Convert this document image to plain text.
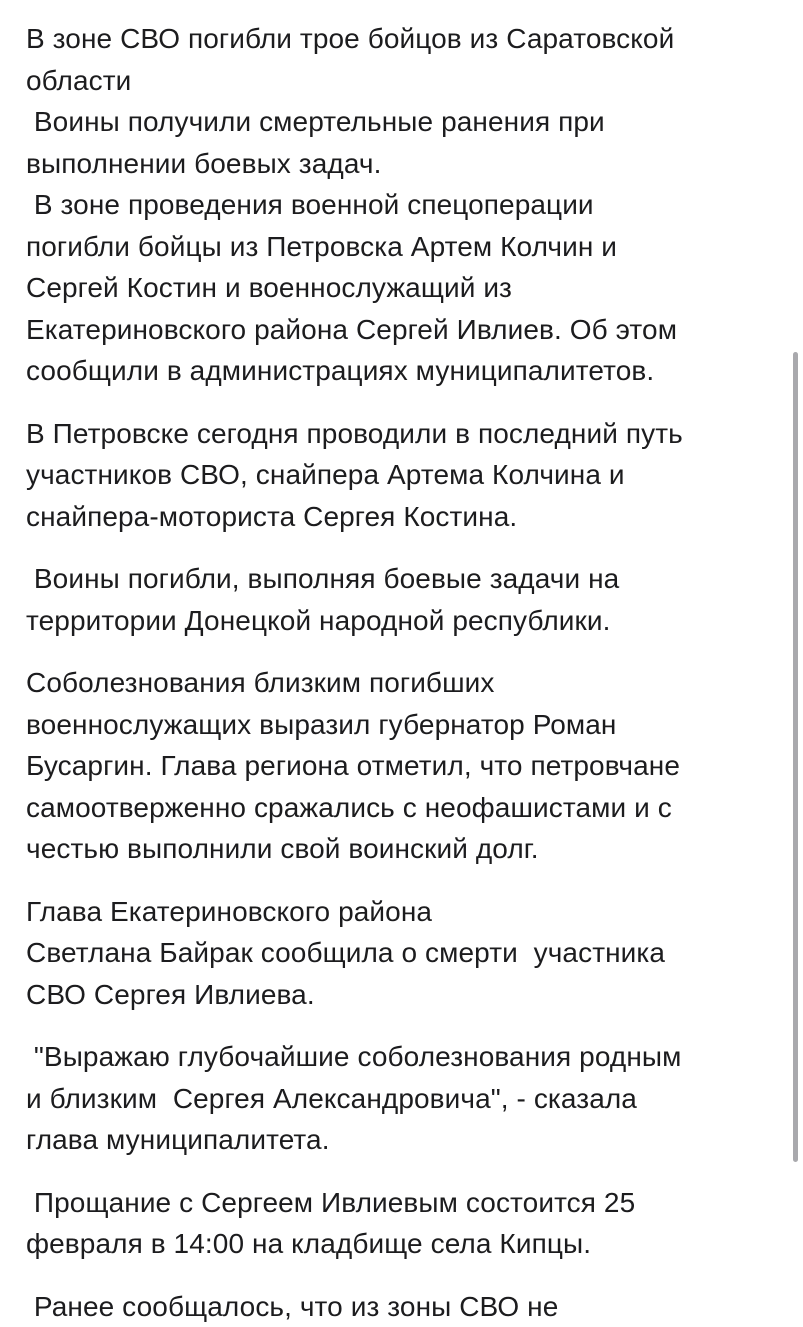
В зоне СВО погибли трое бойцов из Саратовской
области
Воины получили смертельные ранения при
выполнении боевых задач.
В зоне проведения военной спецоперации
погибли бойцы из Петровска Артем Колчин и
Сергей Костин и военнослужащий из
Екатериновского района Сергей Ивлиев. Об этом
сообщили в администрациях муниципалитетов.
В Петровске сегодня проводили в последний путь
участников СВО, снайпера Артема Колчина и
снайпера-моториста Сергея Костина.
Воины погибли, выполняя боевые задачи на
территории Донецкой народной республики.
Соболезнования близким погибших
военнослужащих выразил губернатор Роман
Бусаргин. Глава региона отметил, что петровчане
самоотверженно сражались с неофашистами и с
честью выполнили свой воинский долг.
Глава Екатериновского района
Светлана Байрак сообщила о смерти  участника
СВО Сергея Ивлиева.
"Выражаю глубочайшие соболезнования родным
и близким  Сергея Александровича", - сказала
глава муниципалитета.
Прощание с Сергеем Ивлиевым состоится 25
февраля в 14:00 на кладбище села Кипцы.
Ранее сообщалось, что из зоны СВО не
